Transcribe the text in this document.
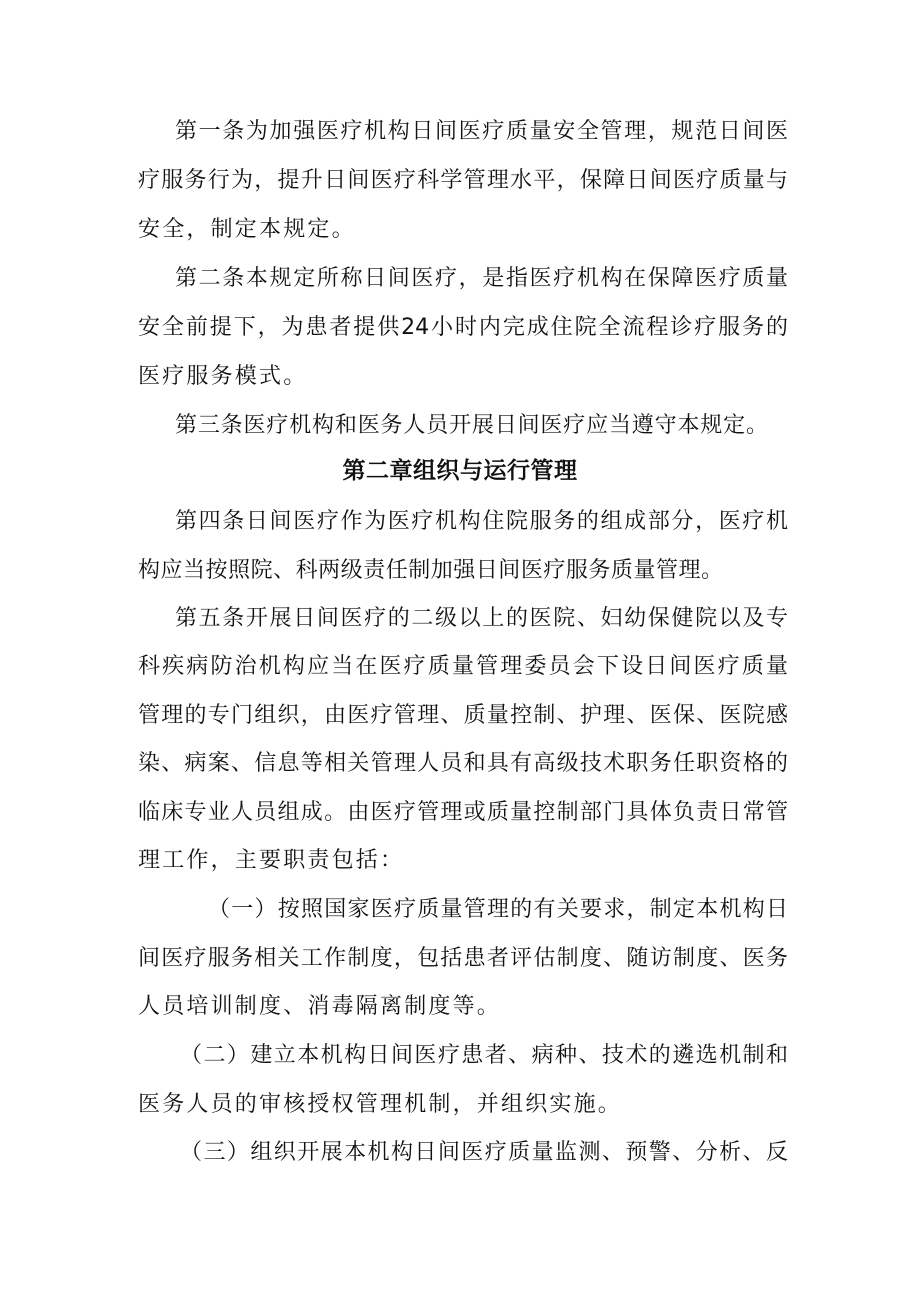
第一条为加强医疗机构日间医疗质量安全管理，规范日间医
疗服务行为，提升日间医疗科学管理水平，保障日间医疗质量与
安全，制定本规定。
第二条本规定所称日间医疗，是指医疗机构在保障医疗质量
安全前提下，为患者提供24小时内完成住院全流程诊疗服务的
医疗服务模式。
第三条医疗机构和医务人员开展日间医疗应当遵守本规定。
第二章组织与运行管理
第四条日间医疗作为医疗机构住院服务的组成部分，医疗机
构应当按照院、科两级责任制加强日间医疗服务质量管理。
第五条开展日间医疗的二级以上的医院、妇幼保健院以及专
科疾病防治机构应当在医疗质量管理委员会下设日间医疗质量
管理的专门组织，由医疗管理、质量控制、护理、医保、医院感
染、病案、信息等相关管理人员和具有高级技术职务任职资格的
临床专业人员组成。由医疗管理或质量控制部门具体负责日常管
理工作，主要职责包括：
（一）按照国家医疗质量管理的有关要求，制定本机构日
间医疗服务相关工作制度，包括患者评估制度、随访制度、医务
人员培训制度、消毒隔离制度等。
（二）建立本机构日间医疗患者、病种、技术的遴选机制和
医务人员的审核授权管理机制，并组织实施。
（三）组织开展本机构日间医疗质量监测、预警、分析、反
